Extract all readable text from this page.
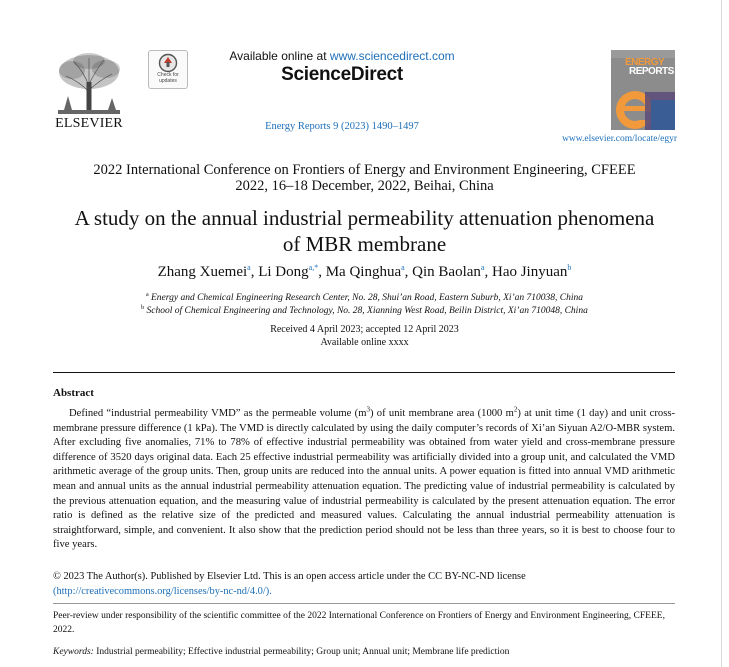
ELSEVIER
Check for updates
Available online at www.sciencedirect.com
ScienceDirect
Energy Reports 9 (2023) 1490–1497
ENERGY
REPORTS
www.elsevier.com/locate/egyr
2022 International Conference on Frontiers of Energy and Environment Engineering, CFEEE
2022, 16–18 December, 2022, Beihai, China
A study on the annual industrial permeability attenuation phenomena
of MBR membrane
Zhang Xuemei$^a$, Li Dong$^{a,*}$, Ma Qinghua$^a$, Qin Baolan$^a$, Hao Jinyuan$^b$
$^a$ Energy and Chemical Engineering Research Center, No. 28, Shui’an Road, Eastern Suburb, Xi’an 710038, China
$^b$ School of Chemical Engineering and Technology, No. 28, Xianning West Road, Beilin District, Xi’an 710048, China
Received 4 April 2023; accepted 12 April 2023
Available online xxxx
Abstract
Defined “industrial permeability VMD” as the permeable volume $(m^3)$ of unit membrane area (1000 $m^2$) at unit time (1 day) and unit cross-membrane pressure difference (1 kPa). The VMD is directly calculated by using the daily computer’s records of Xi’an Siyuan A2/O-MBR system. After excluding five anomalies, 71% to 78% of effective industrial permeability was obtained from water yield and cross-membrane pressure difference of 3520 days original data. Each 25 effective industrial permeability was artificially divided into a group unit, and calculated the VMD arithmetic average of the group units. Then, group units are reduced into the annual units. A power equation is fitted into annual VMD arithmetic mean and annual units as the annual industrial permeability attenuation equation. The predicting value of industrial permeability is calculated by the previous attenuation equation, and the measuring value of industrial permeability is calculated by the present attenuation equation. The error ratio is defined as the relative size of the predicted and measured values. Calculating the annual industrial permeability attenuation is straightforward, simple, and convenient. It also show that the prediction period should not be less than three years, so it is best to choose four to five years.
© 2023 The Author(s). Published by Elsevier Ltd. This is an open access article under the CC BY-NC-ND license
(http://creativecommons.org/licenses/by-nc-nd/4.0/).
Peer-review under responsibility of the scientific committee of the 2022 International Conference on Frontiers of Energy and Environment Engineering, CFEEE, 2022.
Keywords: Industrial permeability; Effective industrial permeability; Group unit; Annual unit; Membrane life prediction
